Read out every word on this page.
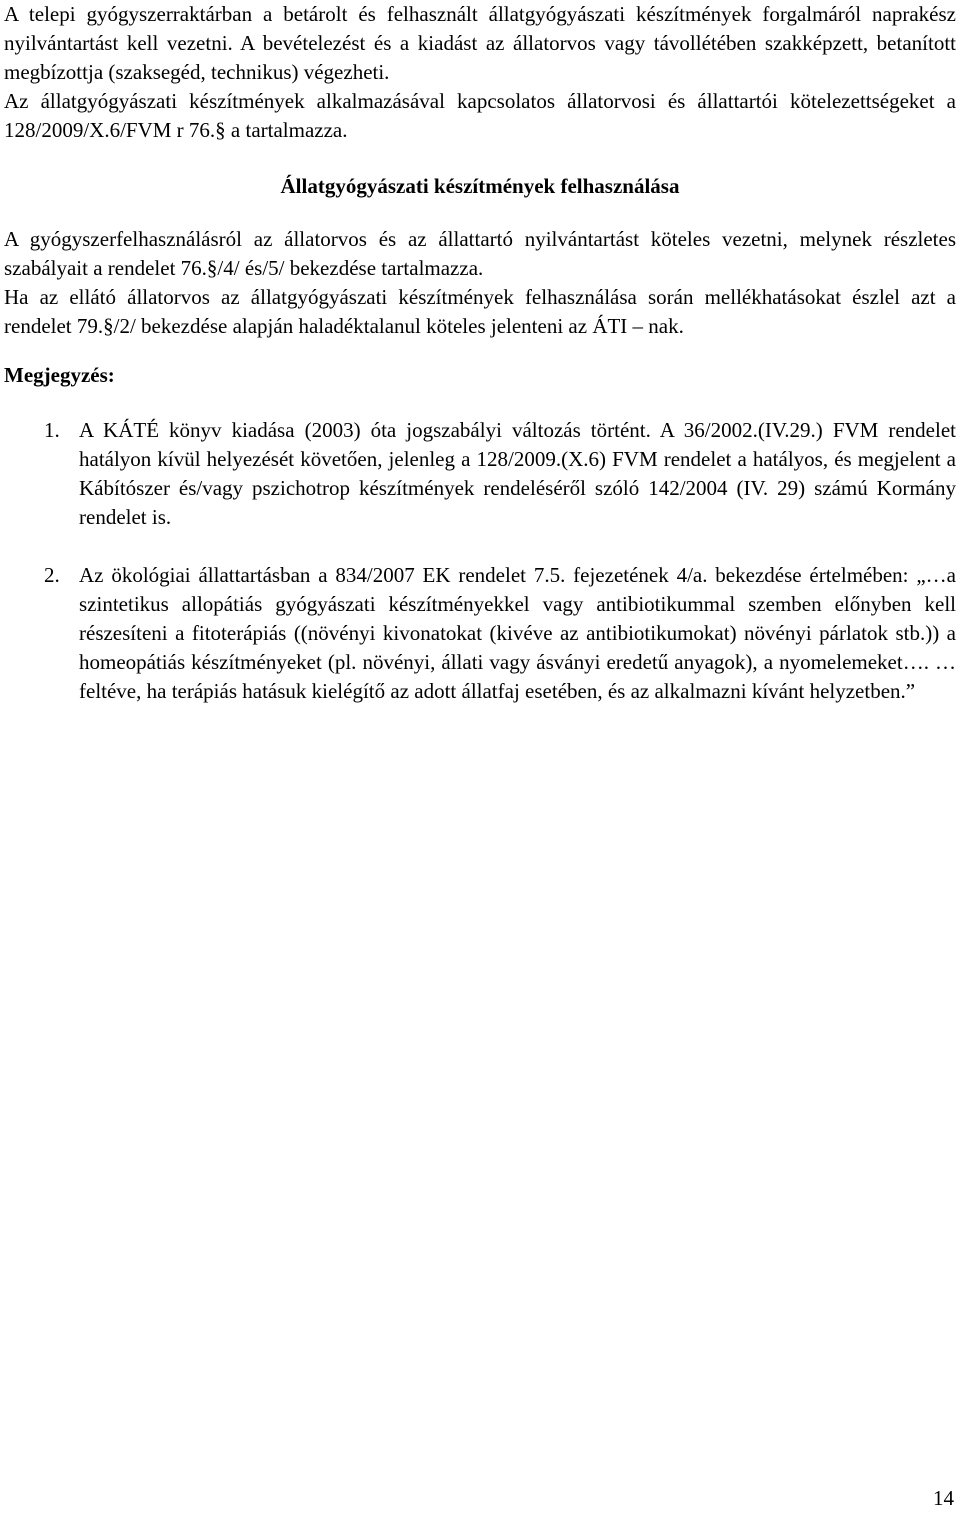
A telepi gyógyszerraktárban a betárolt és felhasznált állatgyógyászati készítmények forgalmáról naprakész nyilvántartást kell vezetni. A bevételezést és a kiadást az állatorvos vagy távollétében szakképzett, betanított megbízottja (szaksegéd, technikus) végezheti.

Az állatgyógyászati készítmények alkalmazásával kapcsolatos állatorvosi és állattartói kötelezettségeket a 128/2009/X.6/FVM r 76.§ a tartalmazza.

Állatgyógyászati készítmények felhasználása

A gyógyszerfelhasználásról az állatorvos és az állattartó nyilvántartást köteles vezetni, melynek részletes szabályait a rendelet 76.§/4/ és/5/ bekezdése tartalmazza.

Ha az ellátó állatorvos az állatgyógyászati készítmények felhasználása során mellékhatásokat észlel azt a rendelet 79.§/2/ bekezdése alapján haladéktalanul köteles jelenteni az ÁTI – nak.

Megjegyzés:
1. A KÁTÉ könyv kiadása (2003) óta jogszabályi változás történt. A 36/2002.(IV.29.) FVM rendelet hatályon kívül helyezését követően, jelenleg a 128/2009.(X.6) FVM rendelet a hatályos, és megjelent a Kábítószer és/vagy pszichotrop készítmények rendeléséről szóló 142/2004 (IV. 29) számú Kormány rendelet is.
2. Az ökológiai állattartásban a 834/2007 EK rendelet 7.5. fejezetének 4/a. bekezdése értelmében: „…a szintetikus allopátiás gyógyászati készítményekkel vagy antibiotikummal szemben előnyben kell részesíteni a fitoterápiás ((növényi kivonatokat (kivéve az antibiotikumokat) növényi párlatok stb.)) a homeopátiás készítményeket (pl. növényi, állati vagy ásványi eredetű anyagok), a nyomelemeket…. … feltéve, ha terápiás hatásuk kielégítő az adott állatfaj esetében, és az alkalmazni kívánt helyzetben.”
14
